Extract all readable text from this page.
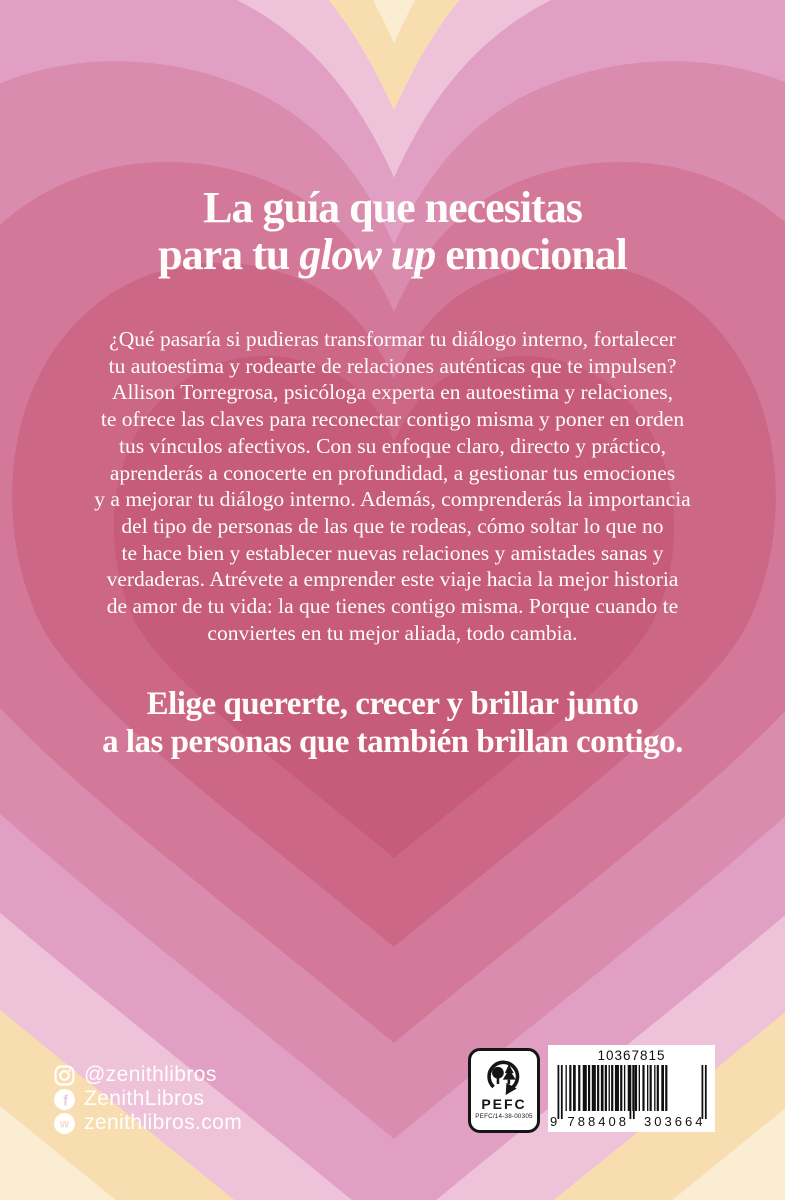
La guía que necesitas
para tu glow up emocional
¿Qué pasaría si pudieras transformar tu diálogo interno, fortalecer
tu autoestima y rodearte de relaciones auténticas que te impulsen?
Allison Torregrosa, psicóloga experta en autoestima y relaciones,
te ofrece las claves para reconectar contigo misma y poner en orden
tus vínculos afectivos. Con su enfoque claro, directo y práctico,
aprenderás a conocerte en profundidad, a gestionar tus emociones
y a mejorar tu diálogo interno. Además, comprenderás la importancia
del tipo de personas de las que te rodeas, cómo soltar lo que no
te hace bien y establecer nuevas relaciones y amistades sanas y
verdaderas. Atrévete a emprender este viaje hacia la mejor historia
de amor de tu vida: la que tienes contigo misma. Porque cuando te
conviertes en tu mejor aliada, todo cambia.
Elige quererte, crecer y brillar junto
a las personas que también brillan contigo.
@zenithlibros
f ZenithLibros
w zenithlibros.com
PEFC
PEFC/14-38-00305
10367815
9 788408	303664
